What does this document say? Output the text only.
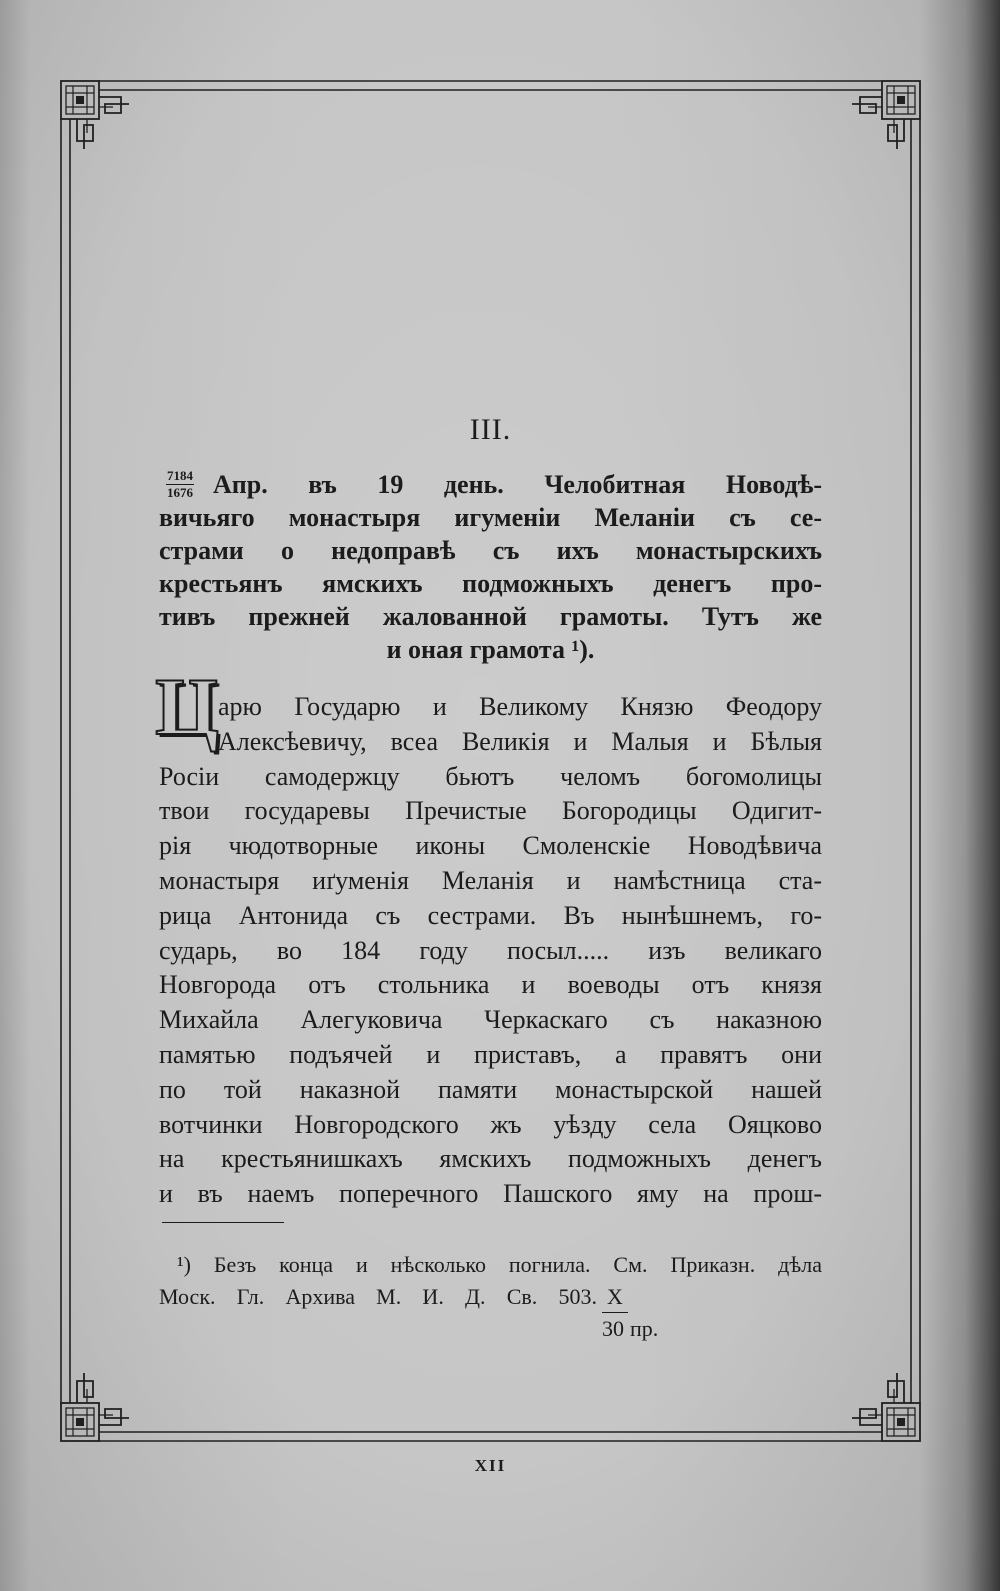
III.
$\frac{7184}{1676}$ Апр. въ 19 день. Челобитная Новодѣ-
вичьяго монастыря игуменіи Меланіи съ се-
страми о недоправѣ съ ихъ монастырскихъ
крестьянъ ямскихъ подможныхъ денегъ про-
тивъ прежней жалованной грамоты. Тутъ же
и оная грамота ¹).
Ц арю Государю и Великому Князю Феодору
Алексѣевичу, всеа Великія и Малыя и Бѣлыя
Росіи самодержцу бьютъ челомъ богомолицы
твои государевы Пречистые Богородицы Одигит-
рія чюдотворные иконы Смоленскіе Новодѣвича
монастыря иґуменія Меланія и намѣстница ста-
рица Антонида съ сестрами. Въ нынѣшнемъ, го-
сударь, во 184 году посыл..... изъ великаго
Новгорода отъ стольника и воеводы отъ князя
Михайла Алегуковича Черкаскаго съ наказною
памятью подъячей и приставъ, а правятъ они
по той наказной памяти монастырской нашей
вотчинки Новгородского жъ уѣзду села Ояцково
на крестьянишкахъ ямскихъ подможныхъ денегъ
и въ наемъ поперечного Пашского яму на прош-
¹) Безъ конца и нѣсколько погнила. См. Приказн. дѣла
Моск. Гл. Архива М. И. Д. Св. 503. X
30 пр.
XII
